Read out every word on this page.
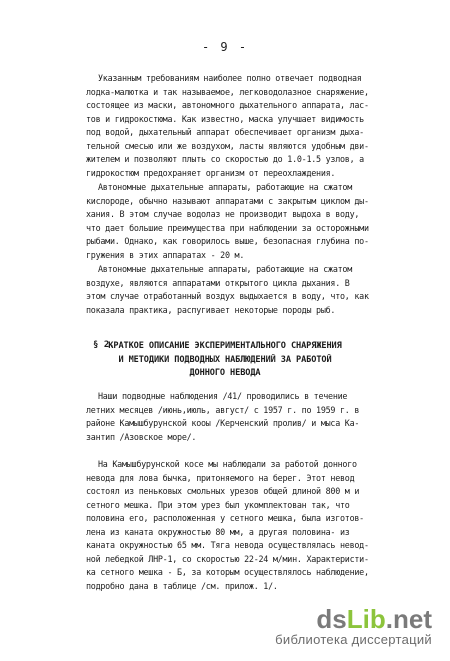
- 9 -
Указанным требованиям наиболее полно отвечает подводная
лодка-малютка и так называемое, легководолазное снаряжение,
состоящее из маски, автономного дыхательного аппарата, лас-
тов и гидрокостюма. Как известно, маска улучшает видимость
под водой, дыхательный аппарат обеспечивает организм дыха-
тельной смесью или же воздухом, ласты являются удобным дви-
жителем и позволяют плыть со скоростью до 1.0-1.5 узлов, а
гидрокостюм предохраняет организм от переохлаждения.
Автономные дыхательные аппараты, работающие на сжатом
кислороде, обычно называют аппаратами с закрытым циклом ды-
хания. В этом случае водолаз не производит выдоха в воду,
что дает большие преимущества при наблюдении за осторожными
рыбами. Однако, как говорилось выше, безопасная глубина по-
гружения в этих аппаратах - 20 м.
Автономные дыхательные аппараты, работающие на сжатом
воздухе, являются аппаратами открытого цикла дыхания. В
этом случае отработанный воздух выдыхается в воду, что, как
показала практика, распугивает некоторые породы рыб.
§ 2.
КРАТКОЕ ОПИСАНИЕ ЭКСПЕРИМЕНТАЛЬНОГО СНАРЯЖЕНИЯ
И МЕТОДИКИ ПОДВОДНЫХ НАБЛЮДЕНИЙ ЗА РАБОТОЙ
ДОННОГО НЕВОДА
Наши подводные наблюдения /41/ проводились в течение
летних месяцев /июнь,июль, август/ с 1957 г. по 1959 г. в
районе Камышбурунской кооы /Керченский пролив/ и мыса Ка-
зантип /Азовское море/.
На Камышбурунской косе мы наблюдали за работой донного
невода для лова бычка, притоняемого на берег. Этот невод
состоял из пеньковых смольных урезов общей длиной 800 м и
сетного мешка. При этом урез был укомплектован так, что
половина его, расположенная у сетного мешка, была изготов-
лена из каната окружностью 80 мм, а другая половина- из
каната окружностью 65 мм. Тяга невода осуществлялась невод-
ной лебедкой ЛНР-1, со скоростью 22-24 м/мин. Характеристи-
ка сетного мешка - Б, за которым осуществлялось наблюдение,
подробно дана в таблице /см. прилож. 1/.
dsLib.net
библиотека диссертаций
